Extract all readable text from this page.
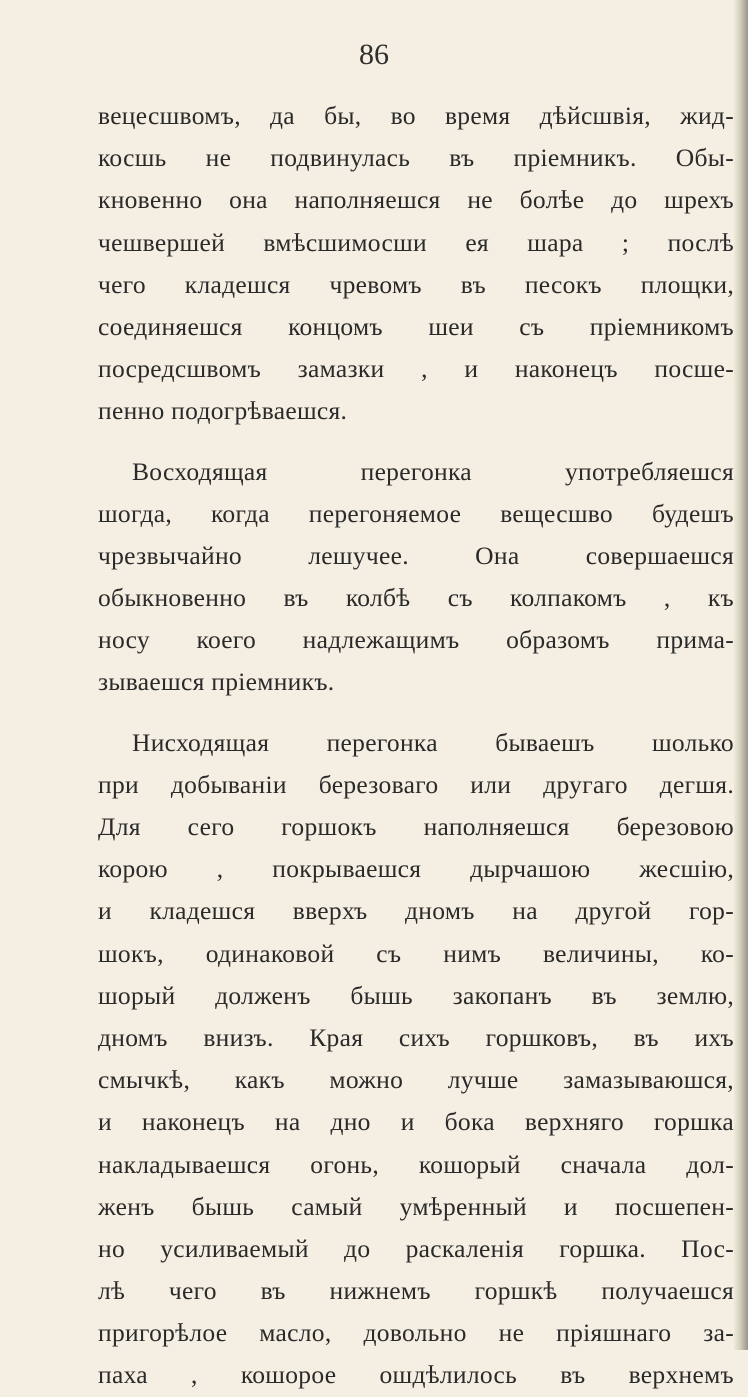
86
вецесшвомъ, да бы, во время дѣйсшвія, жид-
косшь не подвинулась въ пріемникъ. Обы-
кновенно она наполняешся не болѣе до шрехъ
чешвершей вмѣсшимосши ея шара ; послѣ
чего кладешся чревомъ въ песокъ площки,
соединяешся концомъ шеи съ пріемникомъ
посредсшвомъ замазки , и наконецъ посше-
пенно подогрѣваешся.
Восходящая перегонка употребляешся
шогда, когда перегоняемое вещесшво будешъ
чрезвычайно лешучее. Она совершаешся
обыкновенно въ колбѣ съ колпакомъ , къ
носу коего надлежащимъ образомъ прима-
зываешся пріемникъ.
Нисходящая перегонка бываешъ шолько
при добываніи березоваго или другаго дегшя.
Для сего горшокъ наполняешся березовою
корою , покрываешся дырчашою жесшію,
и кладешся вверхъ дномъ на другой гор-
шокъ, одинаковой съ нимъ величины, ко-
шорый долженъ бышь закопанъ въ землю,
дномъ внизъ. Края сихъ горшковъ, въ ихъ
смычкѣ, какъ можно лучше замазываюшся,
и наконецъ на дно и бока верхняго горшка
накладываешся огонь, кошорый сначала дол-
женъ бышь самый умѣренный и посшепен-
но усиливаемый до раскаленія горшка. Пос-
лѣ чего въ нижнемъ горшкѣ получаешся
пригорѣлое масло, довольно не пріяшнаго за-
паха , кошорое ошдѣлилось въ верхнемъ
